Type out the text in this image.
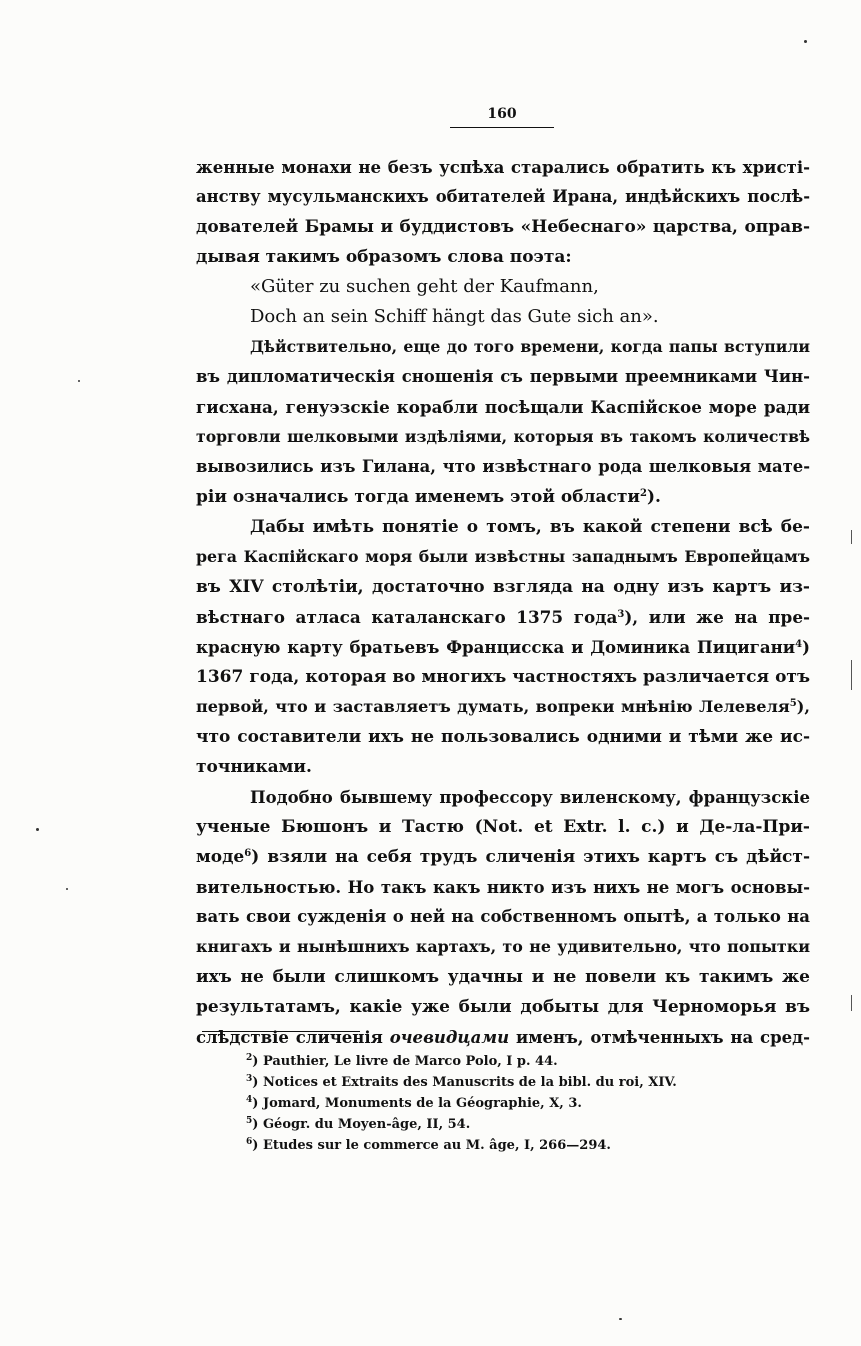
160
женные монахи не безъ успѣха старались обратить къ христі-
анству мусульманскихъ обитателей Ирана, индѣйскихъ послѣ-
дователей Брамы и буддистовъ «Небеснаго» царства, оправ-
дывая такимъ образомъ слова поэта:
«Güter zu suchen geht der Kaufmann,
Doch an sein Schiff hängt das Gute sich an».
Дѣйствительно, еще до того времени, когда папы вступили
въ дипломатическія сношенія съ первыми преемниками Чин-
гисхана, генуэзскіе корабли посѣщали Каспійское море ради
торговли шелковыми издѣліями, которыя въ такомъ количествѣ
вывозились изъ Гилана, что извѣстнаго рода шелковыя мате-
ріи означались тогда именемъ этой области$^2$).
Дабы имѣть понятіе о томъ, въ какой степени всѣ бе-
рега Каспійскаго моря были извѣстны западнымъ Европейцамъ
въ XIV столѣтіи, достаточно взгляда на одну изъ картъ из-
вѣстнаго атласа каталанскаго 1375 года$^3$), или же на пре-
красную карту братьевъ Францисска и Доминика Пицигани$^4$)
1367 года, которая во многихъ частностяхъ различается отъ
первой, что и заставляетъ думать, вопреки мнѣнію Лелевеля$^5$),
что составители ихъ не пользовались одними и тѣми же ис-
точниками.
Подобно бывшему профессору виленскому, французскіе
ученые Бюшонъ и Тастю (Not. et Extr. l. c.) и Де-ла-При-
моде$^6$) взяли на себя трудъ сличенія этихъ картъ съ дѣйст-
вительностью. Но такъ какъ никто изъ нихъ не могъ основы-
вать свои сужденія о ней на собственномъ опытѣ, а только на
книгахъ и нынѣшнихъ картахъ, то не удивительно, что попытки
ихъ не были слишкомъ удачны и не повели къ такимъ же
результатамъ, какіе уже были добыты для Черноморья въ
слѣдствіе сличенія очевидцами именъ, отмѣченныхъ на сред-
$^2$) Pauthier, Le livre de Marco Polo, I p. 44.
$^3$) Notices et Extraits des Manuscrits de la bibl. du roi, XIV.
$^4$) Jomard, Monuments de la Géographie, X, 3.
$^5$) Géogr. du Moyen-âge, II, 54.
$^6$) Etudes sur le commerce au M. âge, I, 266—294.
